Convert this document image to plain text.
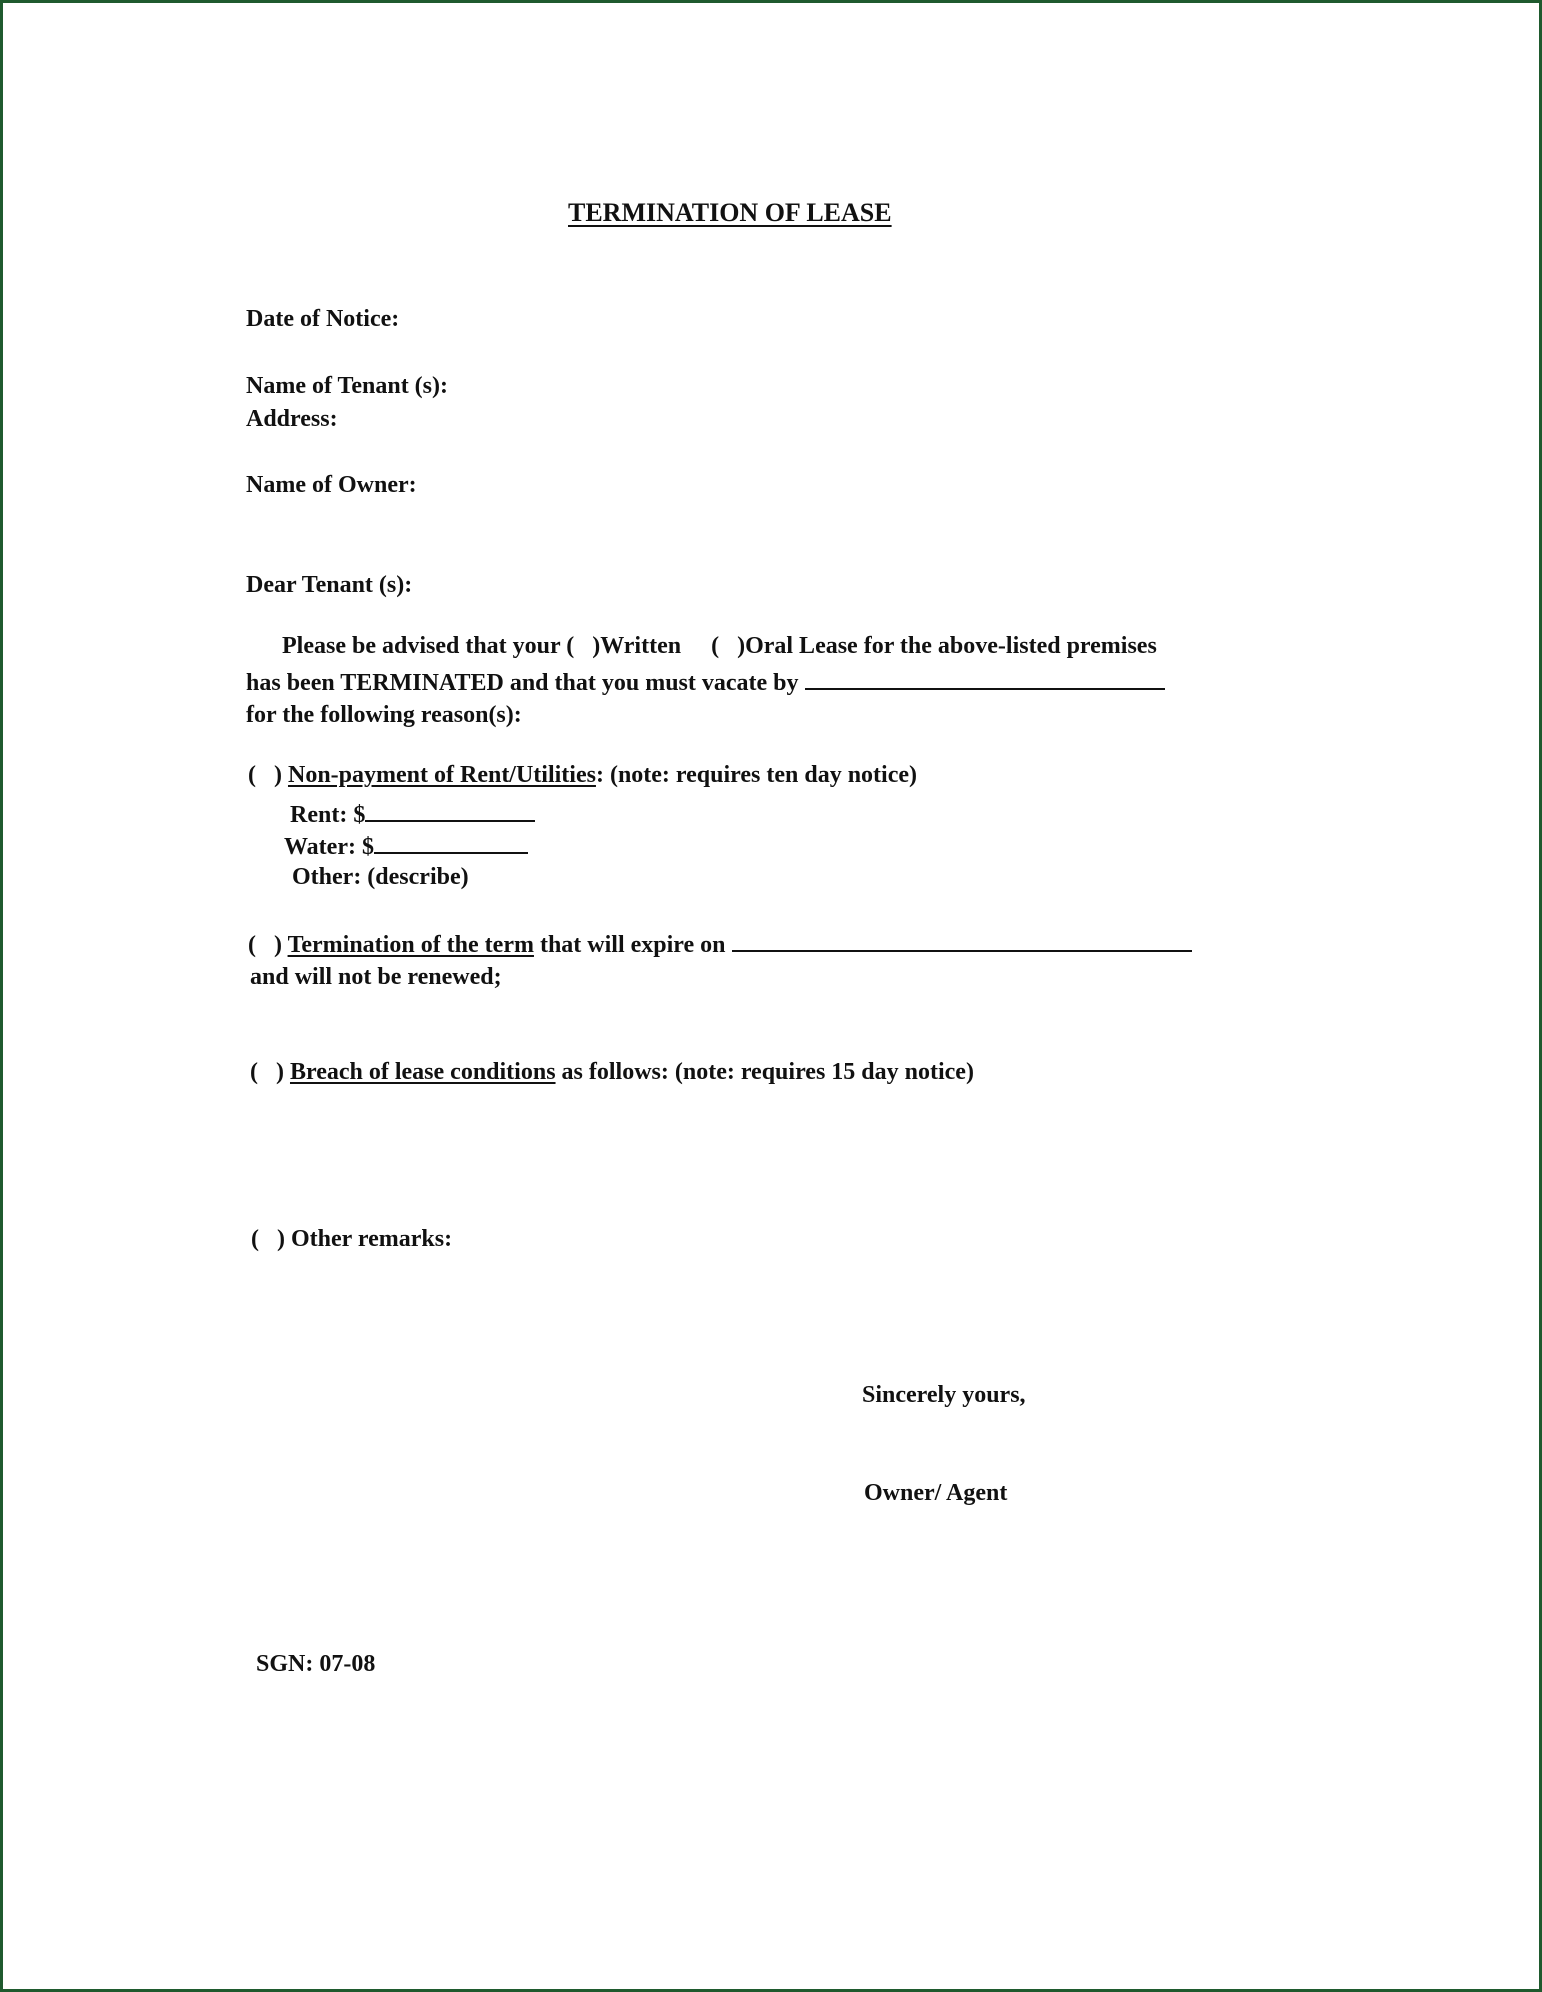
TERMINATION OF LEASE
Date of Notice:
Name of Tenant (s):
Address:
Name of Owner:
Dear Tenant (s):
Please be advised that your (   )Written     (   )Oral Lease for the above-listed premises
has been TERMINATED and that you must vacate by
for the following reason(s):
(   ) Non-payment of Rent/Utilities: (note: requires ten day notice)
Rent: $
Water: $
Other: (describe)
(   ) Termination of the term that will expire on
and will not be renewed;
(   ) Breach of lease conditions as follows: (note: requires 15 day notice)
(   ) Other remarks:
Sincerely yours,
Owner/ Agent
SGN: 07-08
